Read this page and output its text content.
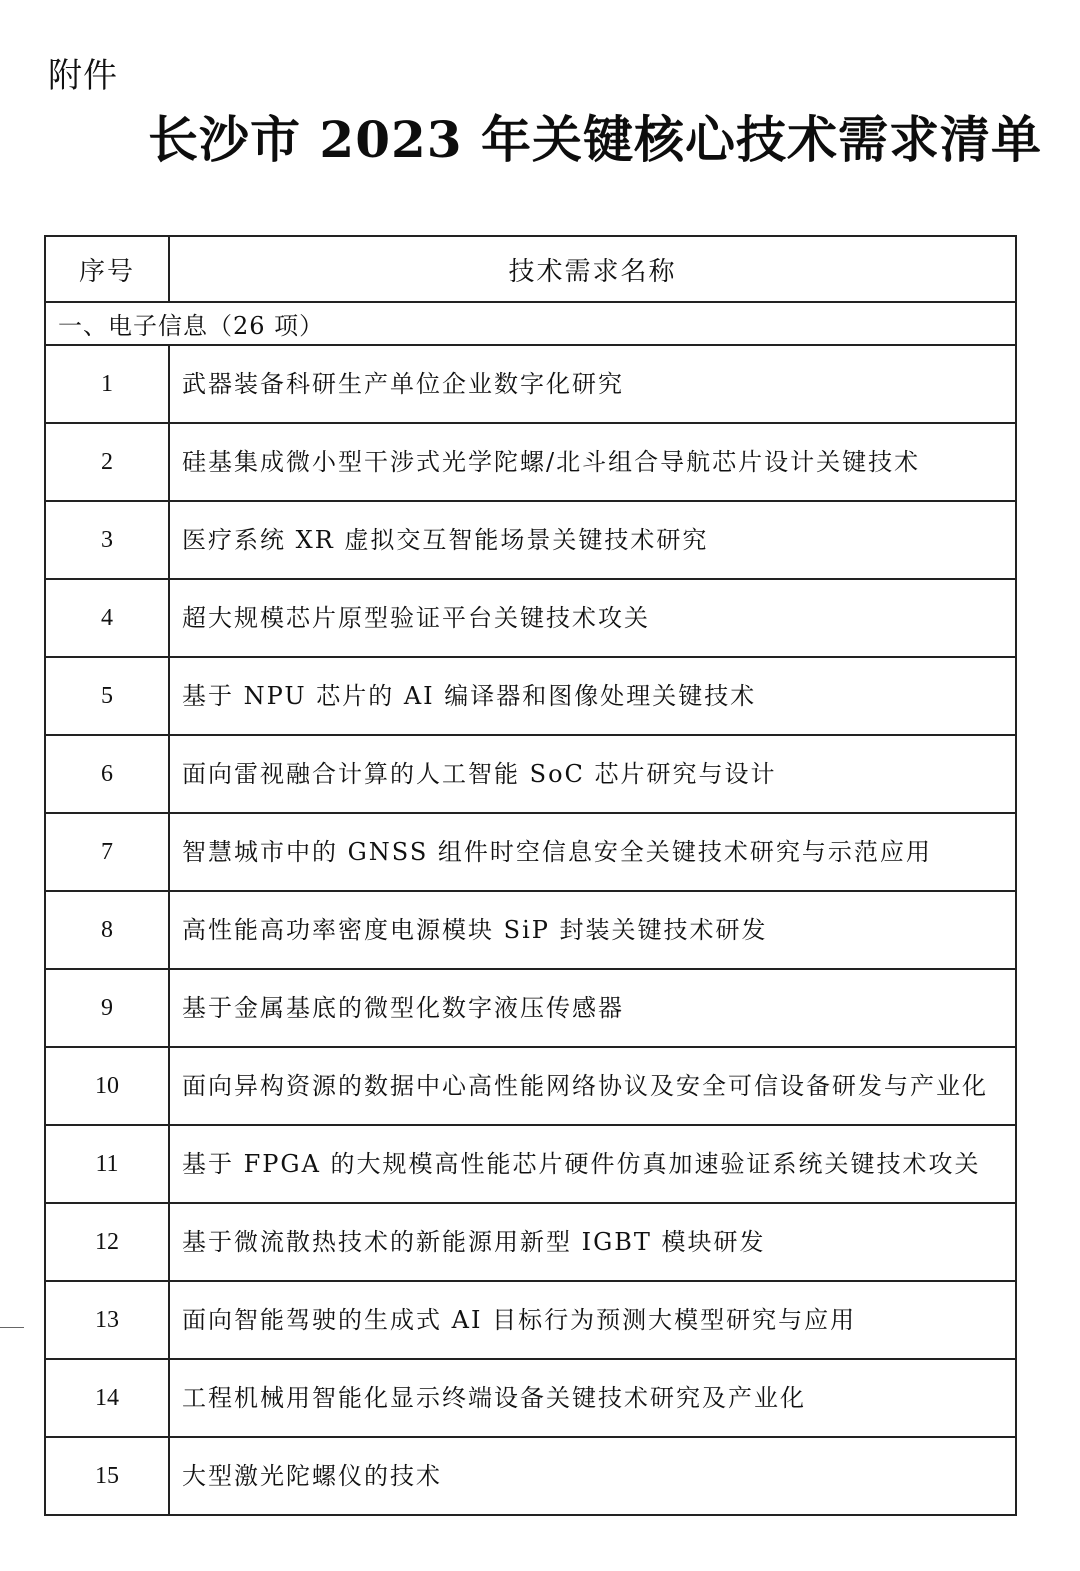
附件
长沙市 2023 年关键核心技术需求清单
序号	技术需求名称
一、电子信息（26 项）	
1	武器装备科研生产单位企业数字化研究
2	硅基集成微小型干涉式光学陀螺/北斗组合导航芯片设计关键技术
3	医疗系统 XR 虚拟交互智能场景关键技术研究
4	超大规模芯片原型验证平台关键技术攻关
5	基于 NPU 芯片的 AI 编译器和图像处理关键技术
6	面向雷视融合计算的人工智能 SoC 芯片研究与设计
7	智慧城市中的 GNSS 组件时空信息安全关键技术研究与示范应用
8	高性能高功率密度电源模块 SiP 封装关键技术研发
9	基于金属基底的微型化数字液压传感器
10	面向异构资源的数据中心高性能网络协议及安全可信设备研发与产业化
11	基于 FPGA 的大规模高性能芯片硬件仿真加速验证系统关键技术攻关
12	基于微流散热技术的新能源用新型 IGBT 模块研发
13	面向智能驾驶的生成式 AI 目标行为预测大模型研究与应用
14	工程机械用智能化显示终端设备关键技术研究及产业化
15	大型激光陀螺仪的技术
